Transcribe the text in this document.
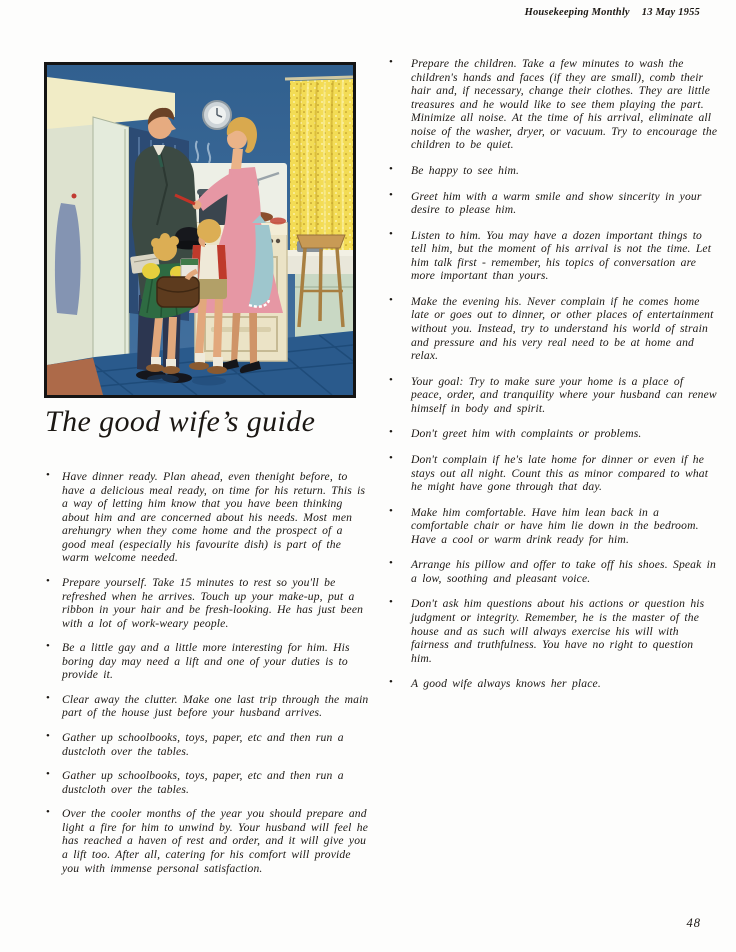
Housekeeping Monthly 13 May 1955
The good wife’s guide
• Have dinner ready. Plan ahead, even thenight before, to have a delicious meal ready, on time for his return. This is a way of letting him know that you have been thinking about him and are concerned about his needs. Most men arehungry when they come home and the prospect of a good meal (especially his favourite dish) is part of the warm welcome needed.
• Prepare yourself. Take 15 minutes to rest so you'll be refreshed when he arrives. Touch up your make-up, put a ribbon in your hair and be fresh-looking. He has just been with a lot of work-weary people.
• Be a little gay and a little more interesting for him. His boring day may need a lift and one of your duties is to provide it.
• Clear away the clutter. Make one last trip through the main part of the house just before your husband arrives.
• Gather up schoolbooks, toys, paper, etc and then run a dustcloth over the tables.
• Gather up schoolbooks, toys, paper, etc and then run a dustcloth over the tables.
• Over the cooler months of the year you should prepare and light a fire for him to unwind by. Your husband will feel he has reached a haven of rest and order, and it will give you a lift too. After all, catering for his comfort will provide you with immense personal satisfaction.
• Prepare the children. Take a few minutes to wash the children's hands and faces (if they are small), comb their hair and, if necessary, change their clothes. They are little treasures and he would like to see them playing the part. Minimize all noise. At the time of his arrival, eliminate all noise of the washer, dryer, or vacuum. Try to encourage the children to be quiet.
• Be happy to see him.
• Greet him with a warm smile and show sincerity in your desire to please him.
• Listen to him. You may have a dozen important things to tell him, but the moment of his arrival is not the time. Let him talk first - remember, his topics of conversation are more important than yours.
• Make the evening his. Never complain if he comes home late or goes out to dinner, or other places of entertainment without you. Instead, try to understand his world of strain and pressure and his very real need to be at home and relax.
• Your goal: Try to make sure your home is a place of peace, order, and tranquility where your husband can renew himself in body and spirit.
• Don't greet him with complaints or problems.
• Don't complain if he's late home for dinner or even if he stays out all night. Count this as minor compared to what he might have gone through that day.
• Make him comfortable. Have him lean back in a comfortable chair or have him lie down in the bedroom. Have a cool or warm drink ready for him.
• Arrange his pillow and offer to take off his shoes. Speak in a low, soothing and pleasant voice.
• Don't ask him questions about his actions or question his judgment or integrity. Remember, he is the master of the house and as such will always exercise his will with fairness and truthfulness. You have no right to question him.
• A good wife always knows her place.
48
